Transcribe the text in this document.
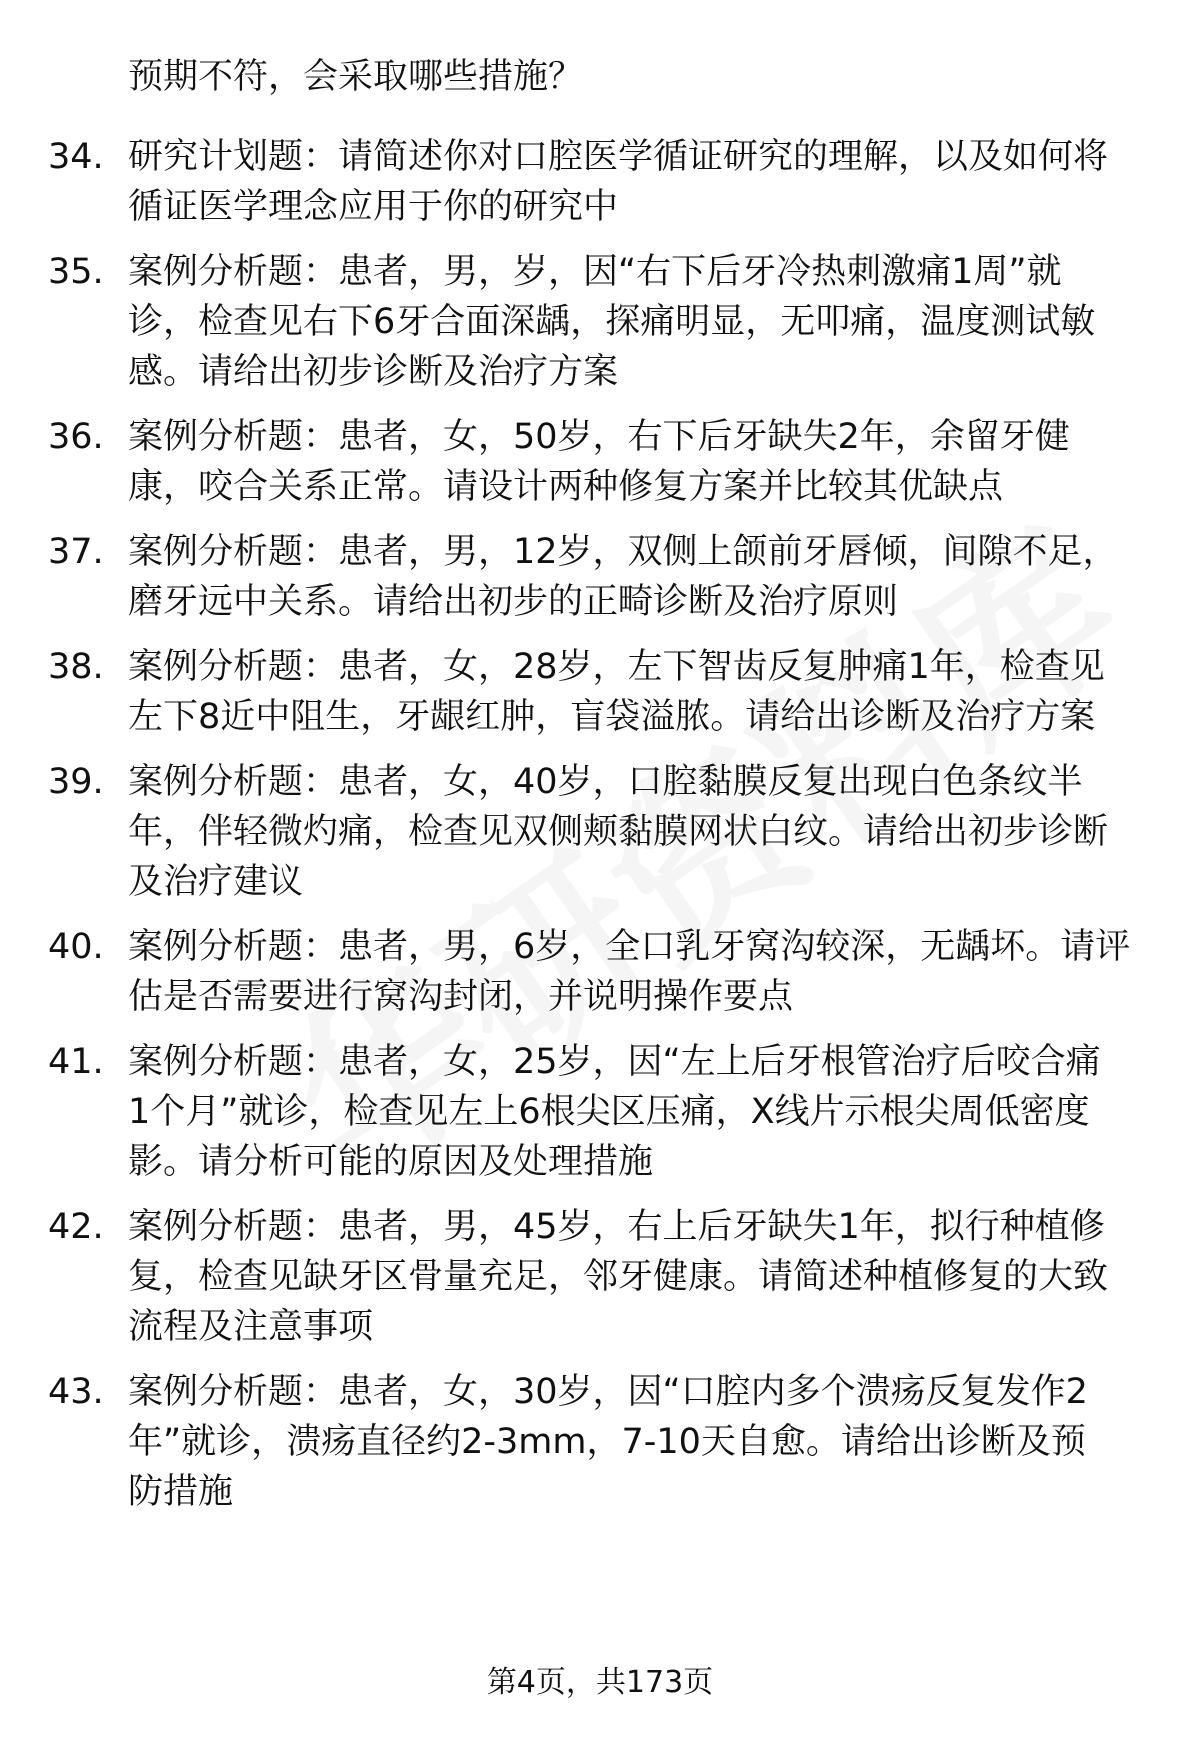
预期不符，会采取哪些措施？
34. 研究计划题：请简述你对口腔医学循证研究的理解，以及如何将
循证医学理念应用于你的研究中
35. 案例分析题：患者，男，岁，因“右下后牙冷热刺激痛1周”就
诊，检查见右下6牙合面深龋，探痛明显，无叩痛，温度测试敏
感。请给出初步诊断及治疗方案
36. 案例分析题：患者，女，50岁，右下后牙缺失2年，余留牙健
康，咬合关系正常。请设计两种修复方案并比较其优缺点
37. 案例分析题：患者，男，12岁，双侧上颌前牙唇倾，间隙不足，
磨牙远中关系。请给出初步的正畸诊断及治疗原则
38. 案例分析题：患者，女，28岁，左下智齿反复肿痛1年，检查见
左下8近中阻生，牙龈红肿，盲袋溢脓。请给出诊断及治疗方案
39. 案例分析题：患者，女，40岁，口腔黏膜反复出现白色条纹半
年，伴轻微灼痛，检查见双侧颊黏膜网状白纹。请给出初步诊断
及治疗建议
40. 案例分析题：患者，男，6岁，全口乳牙窝沟较深，无龋坏。请评
估是否需要进行窝沟封闭，并说明操作要点
41. 案例分析题：患者，女，25岁，因“左上后牙根管治疗后咬合痛
1个月”就诊，检查见左上6根尖区压痛，X线片示根尖周低密度
影。请分析可能的原因及处理措施
42. 案例分析题：患者，男，45岁，右上后牙缺失1年，拟行种植修
复，检查见缺牙区骨量充足，邻牙健康。请简述种植修复的大致
流程及注意事项
43. 案例分析题：患者，女，30岁，因“口腔内多个溃疡反复发作2
年”就诊，溃疡直径约2-3mm，7-10天自愈。请给出诊断及预
防措施
第4页，共173页
